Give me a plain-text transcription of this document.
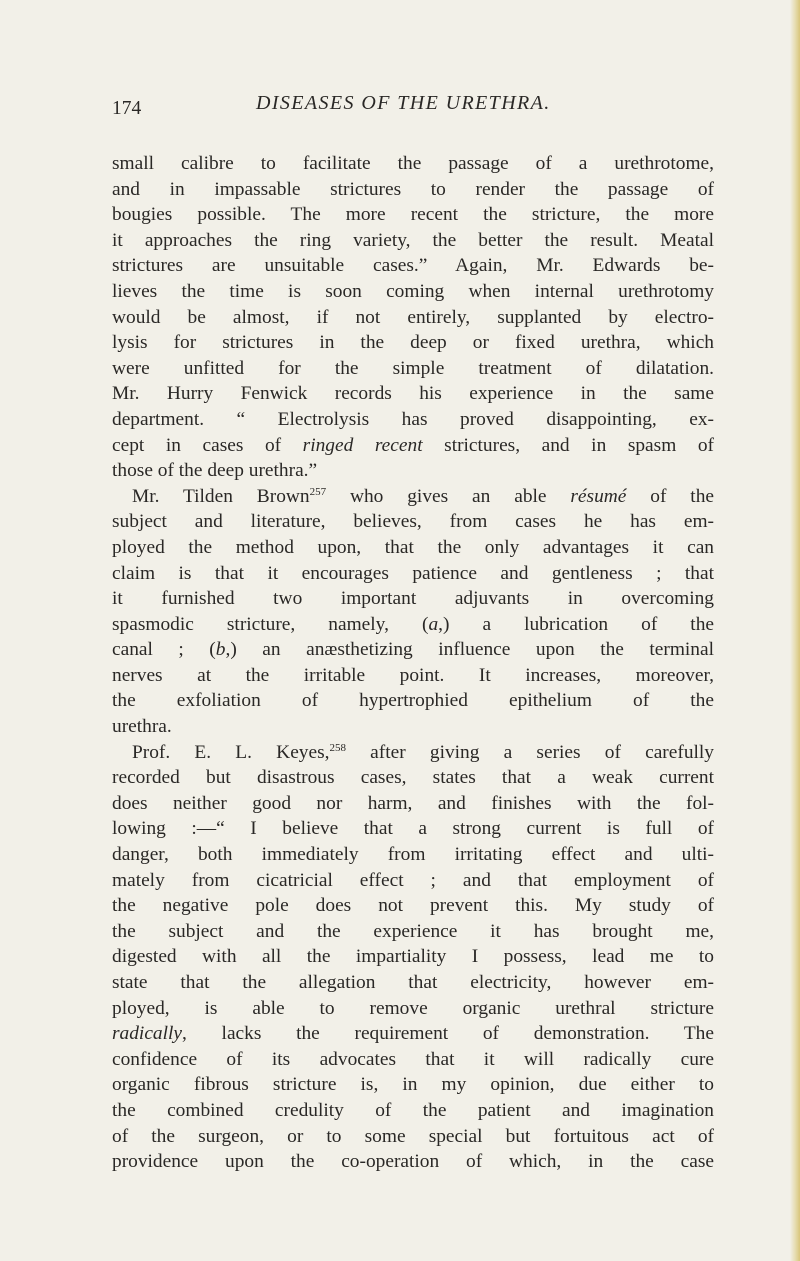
174	DISEASES OF THE URETHRA.
small calibre to facilitate the passage of a urethrotome,
and in impassable strictures to render the passage of
bougies possible. The more recent the stricture, the more
it approaches the ring variety, the better the result. Meatal
strictures are unsuitable cases.” Again, Mr. Edwards be-
lieves the time is soon coming when internal urethrotomy
would be almost, if not entirely, supplanted by electro-
lysis for strictures in the deep or fixed urethra, which
were unfitted for the simple treatment of dilatation.
Mr. Hurry Fenwick records his experience in the same
department. “ Electrolysis has proved disappointing, ex-
cept in cases of ringed recent strictures, and in spasm of
those of the deep urethra.”
Mr. Tilden Brown$^{257}$ who gives an able résumé of the
subject and literature, believes, from cases he has em-
ployed the method upon, that the only advantages it can
claim is that it encourages patience and gentleness ; that
it furnished two important adjuvants in overcoming
spasmodic stricture, namely, (a,) a lubrication of the
canal ; (b,) an anæsthetizing influence upon the terminal
nerves at the irritable point. It increases, moreover,
the exfoliation of hypertrophied epithelium of the
urethra.
Prof. E. L. Keyes,$^{258}$ after giving a series of carefully
recorded but disastrous cases, states that a weak current
does neither good nor harm, and finishes with the fol-
lowing :—“ I believe that a strong current is full of
danger, both immediately from irritating effect and ulti-
mately from cicatricial effect ; and that employment of
the negative pole does not prevent this. My study of
the subject and the experience it has brought me,
digested with all the impartiality I possess, lead me to
state that the allegation that electricity, however em-
ployed, is able to remove organic urethral stricture
radically, lacks the requirement of demonstration. The
confidence of its advocates that it will radically cure
organic fibrous stricture is, in my opinion, due either to
the combined credulity of the patient and imagination
of the surgeon, or to some special but fortuitous act of
providence upon the co-operation of which, in the case
